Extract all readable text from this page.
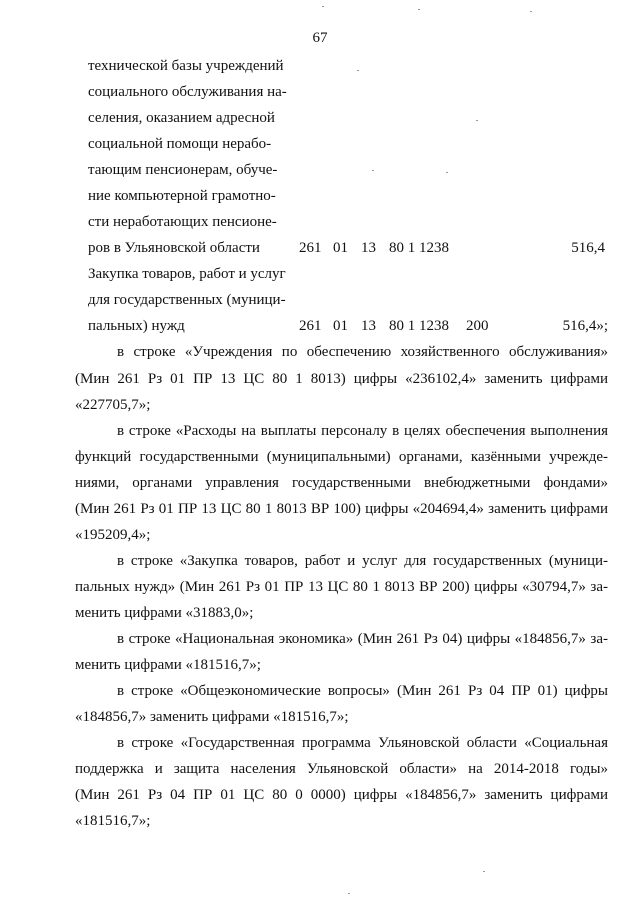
67
технической базы учреждений
социального обслуживания на-
селения, оказанием адресной
социальной помощи нерабо-
тающим пенсионерам, обуче-
ние компьютерной грамотно-
сти неработающих пенсионе-
ров в Ульяновской области	261 01 13 80 1 1238	516,4
Закупка товаров, работ и услуг
для государственных (муници-
пальных) нужд	261 01 13 80 1 1238 200	516,4»;
в строке «Учреждения по обеспечению хозяйственного обслуживания»
(Мин 261 Рз 01 ПР 13 ЦС 80 1 8013) цифры «236102,4» заменить цифрами
«227705,7»;
в строке «Расходы на выплаты персоналу в целях обеспечения выполнения
функций государственными (муниципальными) органами, казёнными учрежде-
ниями, органами управления государственными внебюджетными фондами»
(Мин 261 Рз 01 ПР 13 ЦС 80 1 8013 ВР 100) цифры «204694,4» заменить цифрами
«195209,4»;
в строке «Закупка товаров, работ и услуг для государственных (муници-
пальных нужд» (Мин 261 Рз 01 ПР 13 ЦС 80 1 8013 ВР 200) цифры «30794,7» за-
менить цифрами «31883,0»;
в строке «Национальная экономика» (Мин 261 Рз 04) цифры «184856,7» за-
менить цифрами «181516,7»;
в строке «Общеэкономические вопросы» (Мин 261 Рз 04 ПР 01) цифры
«184856,7» заменить цифрами «181516,7»;
в строке «Государственная программа Ульяновской области «Социальная
поддержка и защита населения Ульяновской области» на 2014-2018 годы»
(Мин 261 Рз 04 ПР 01 ЦС 80 0 0000) цифры «184856,7» заменить цифрами
«181516,7»;
